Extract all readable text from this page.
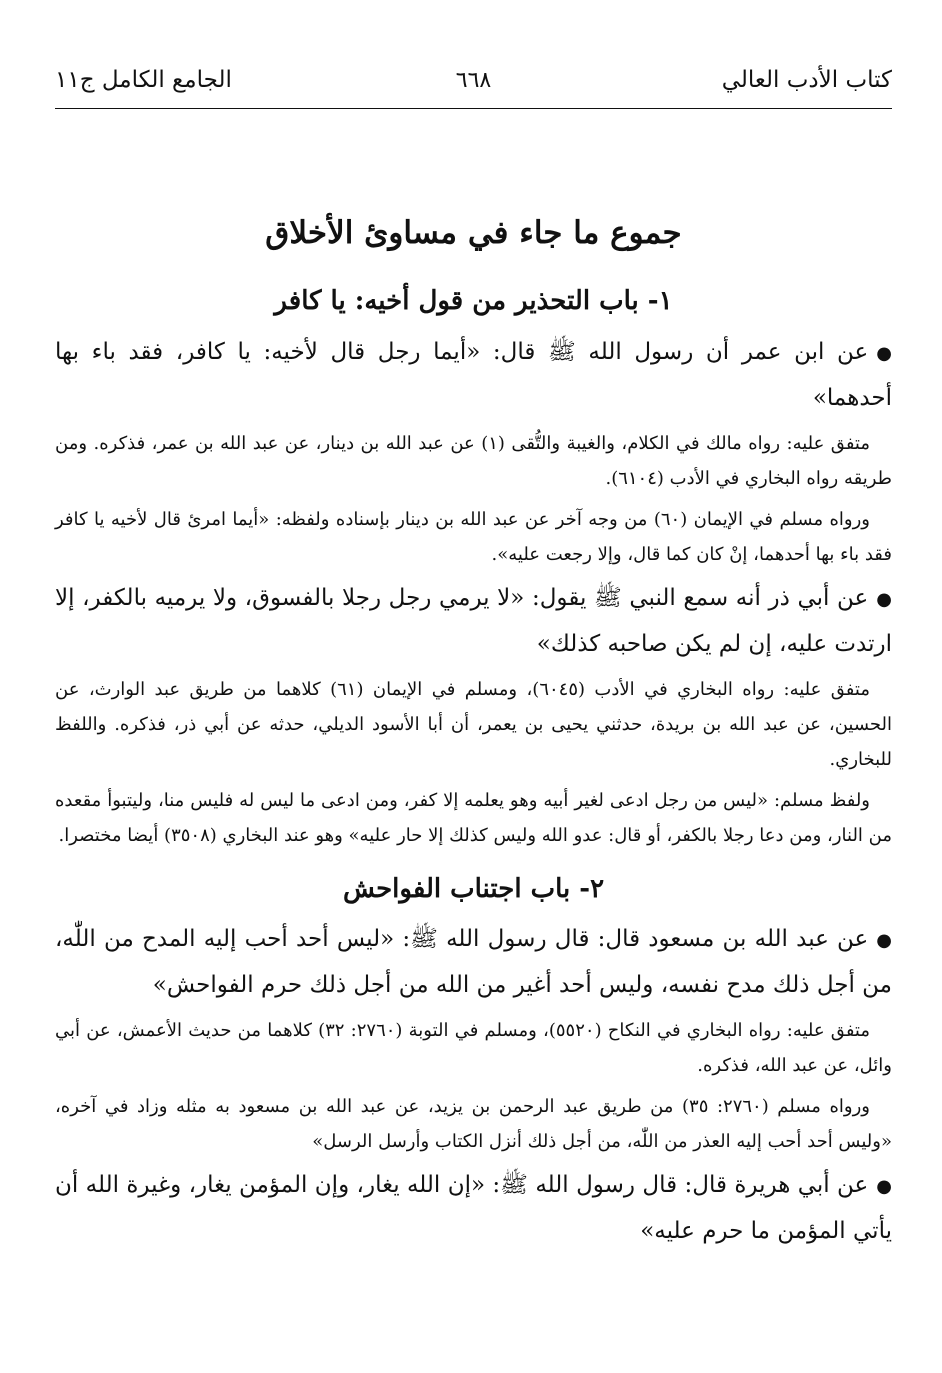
كتاب الأدب العالي
٦٦٨
الجامع الكامل ج١١
جموع ما جاء في مساوئ الأخلاق
١- باب التحذير من قول أخيه: يا كافر

●عن ابن عمر أن رسول الله ﷺ قال: «أيما رجل قال لأخيه: يا كافر، فقد باء بها أحدهما»

متفق عليه: رواه مالك في الكلام، والغيبة والتُّقى (١) عن عبد الله بن دينار، عن عبد الله بن عمر، فذكره. ومن طريقه رواه البخاري في الأدب (٦١٠٤).

ورواه مسلم في الإيمان (٦٠) من وجه آخر عن عبد الله بن دينار بإسناده ولفظه: «أيما امرئ قال لأخيه يا كافر فقد باء بها أحدهما، إنْ كان كما قال، وإلا رجعت عليه».

●عن أبي ذر أنه سمع النبي ﷺ يقول: «لا يرمي رجل رجلا بالفسوق، ولا يرميه بالكفر، إلا ارتدت عليه، إن لم يكن صاحبه كذلك»

متفق عليه: رواه البخاري في الأدب (٦٠٤٥)، ومسلم في الإيمان (٦١) كلاهما من طريق عبد الوارث، عن الحسين، عن عبد الله بن بريدة، حدثني يحيى بن يعمر، أن أبا الأسود الديلي، حدثه عن أبي ذر، فذكره. واللفظ للبخاري.

ولفظ مسلم: «ليس من رجل ادعى لغير أبيه وهو يعلمه إلا كفر، ومن ادعى ما ليس له فليس منا، وليتبوأ مقعده من النار، ومن دعا رجلا بالكفر، أو قال: عدو الله وليس كذلك إلا حار عليه» وهو عند البخاري (٣٥٠٨) أيضا مختصرا.

٢- باب اجتناب الفواحش

●عن عبد الله بن مسعود قال: قال رسول الله ﷺ: «ليس أحد أحب إليه المدح من اللّٰه، من أجل ذلك مدح نفسه، وليس أحد أغير من الله من أجل ذلك حرم الفواحش»

متفق عليه: رواه البخاري في النكاح (٥٥٢٠)، ومسلم في التوبة (٢٧٦٠: ٣٢) كلاهما من حديث الأعمش، عن أبي وائل، عن عبد الله، فذكره.

ورواه مسلم (٢٧٦٠: ٣٥) من طريق عبد الرحمن بن يزيد، عن عبد الله بن مسعود به مثله وزاد في آخره، «وليس أحد أحب إليه العذر من اللّٰه، من أجل ذلك أنزل الكتاب وأرسل الرسل»

●عن أبي هريرة قال: قال رسول الله ﷺ: «إن الله يغار، وإن المؤمن يغار، وغيرة الله أن يأتي المؤمن ما حرم عليه»
